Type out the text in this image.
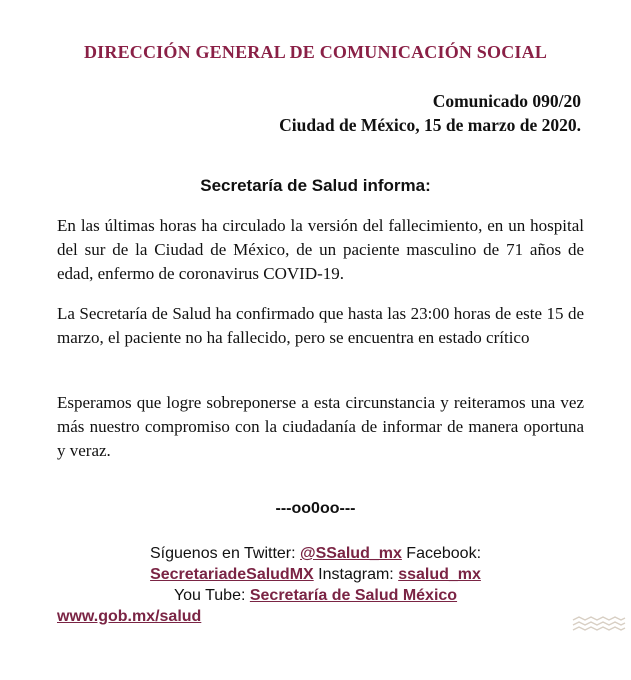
DIRECCIÓN GENERAL DE COMUNICACIÓN SOCIAL
Comunicado 090/20
Ciudad de México, 15 de marzo de 2020.
Secretaría de Salud informa:
En las últimas horas ha circulado la versión del fallecimiento, en un hospital del sur de la Ciudad de México, de un paciente masculino de 71 años de edad, enfermo de coronavirus COVID-19.
La Secretaría de Salud ha confirmado que hasta las 23:00 horas de este 15 de marzo, el paciente no ha fallecido, pero se encuentra en estado crítico
Esperamos que logre sobreponerse a esta circunstancia y reiteramos una vez más nuestro compromiso con la ciudadanía de informar de manera oportuna y veraz.
---oo0oo---
Síguenos en Twitter: @SSalud_mx Facebook:
SecretariadeSaludMX Instagram: ssalud_mx
You Tube: Secretaría de Salud México
www.gob.mx/salud
